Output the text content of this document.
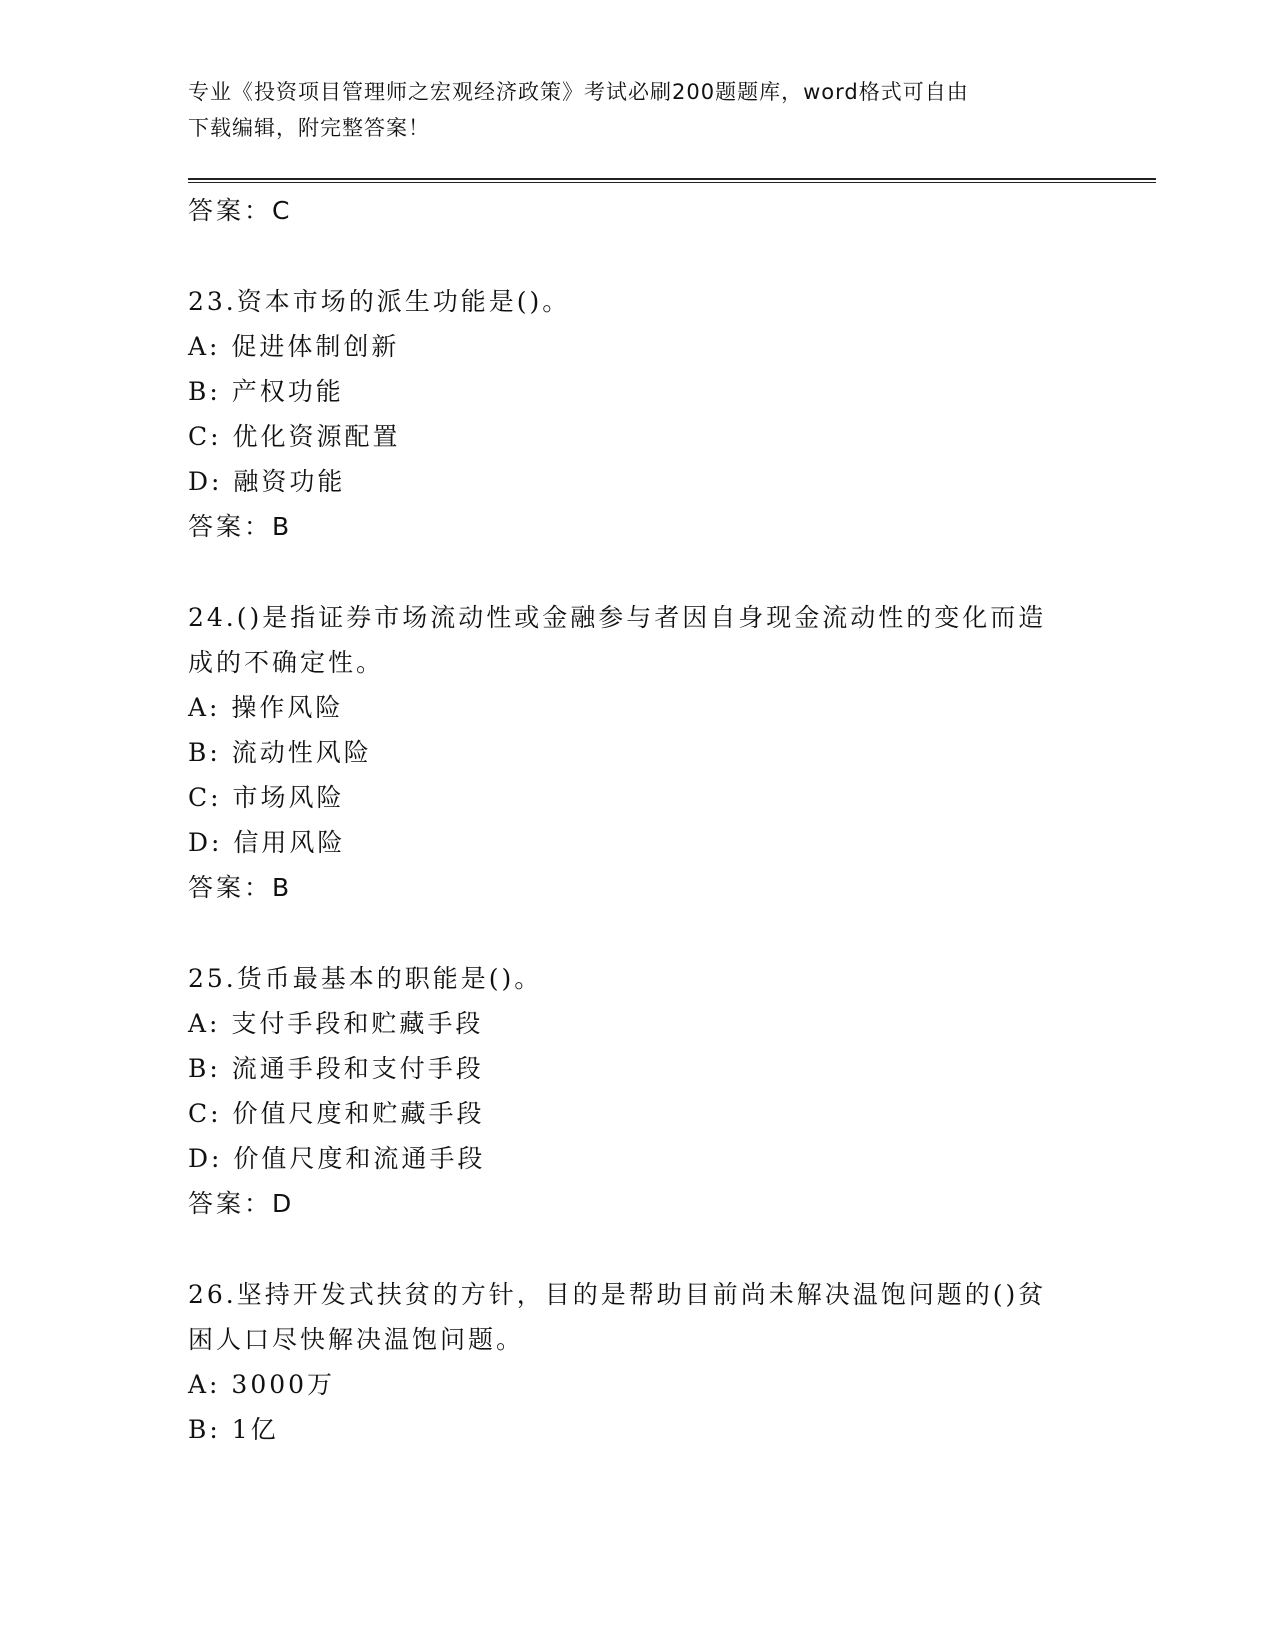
专业《投资项目管理师之宏观经济政策》考试必刷200题题库，word格式可自由
下载编辑，附完整答案！
答案：C
23.资本市场的派生功能是()。
A: 促进体制创新
B: 产权功能
C: 优化资源配置
D: 融资功能
答案：B
24.()是指证券市场流动性或金融参与者因自身现金流动性的变化而造
成的不确定性。
A: 操作风险
B: 流动性风险
C: 市场风险
D: 信用风险
答案：B
25.货币最基本的职能是()。
A: 支付手段和贮藏手段
B: 流通手段和支付手段
C: 价值尺度和贮藏手段
D: 价值尺度和流通手段
答案：D
26.坚持开发式扶贫的方针，目的是帮助目前尚未解决温饱问题的()贫
困人口尽快解决温饱问题。
A: 3000万
B: 1亿
